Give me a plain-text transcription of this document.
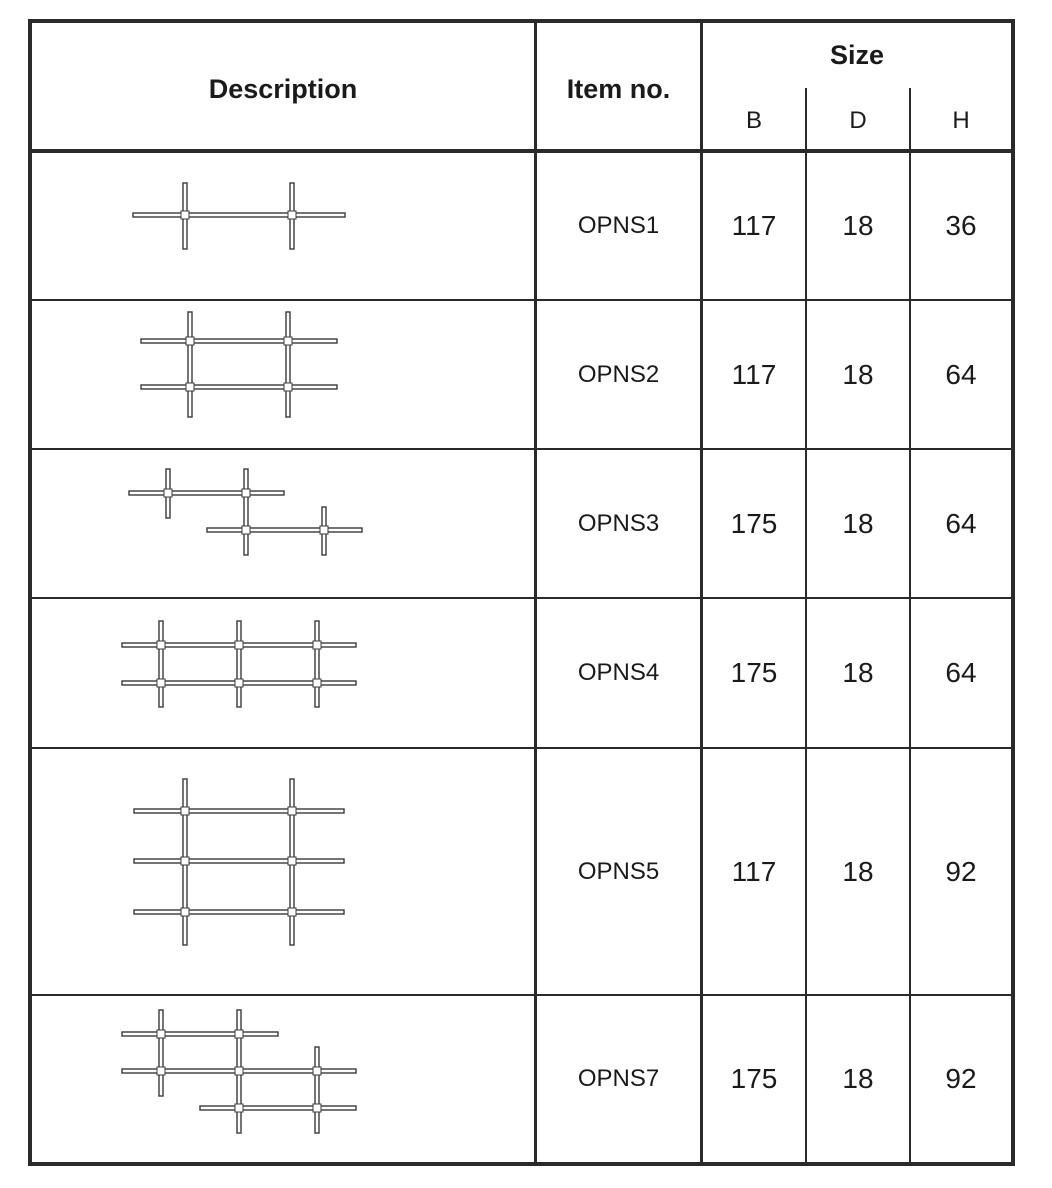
Description	Item no.
Size
B	D	H
OPNS1	117	18	36
OPNS2	117	18	64
OPNS3	175	18	64
OPNS4	175	18	64
OPNS5	117	18	92
OPNS7	175	18	92
